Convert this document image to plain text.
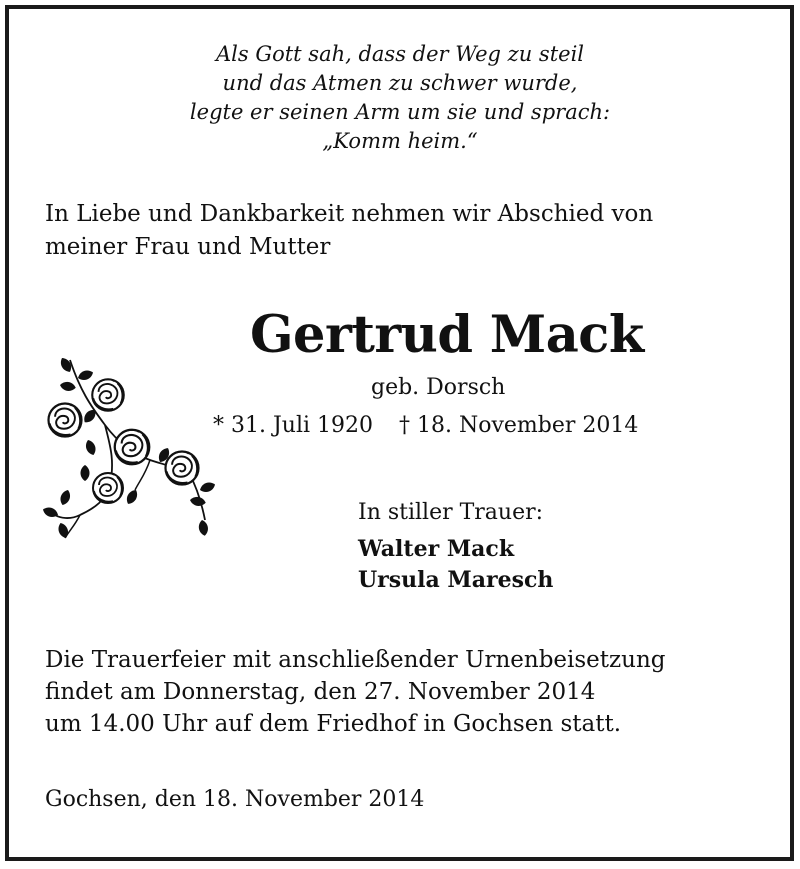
Als Gott sah, dass der Weg zu steil
und das Atmen zu schwer wurde,
legte er seinen Arm um sie und sprach:
„Komm heim.“
In Liebe und Dankbarkeit nehmen wir Abschied von
meiner Frau und Mutter
Gertrud Mack
geb. Dorsch
* 31. Juli 1920 † 18. November 2014
In stiller Trauer:
Walter Mack
Ursula Maresch
Die Trauerfeier mit anschließender Urnenbeisetzung
findet am Donnerstag, den 27. November 2014
um 14.00 Uhr auf dem Friedhof in Gochsen statt.
Gochsen, den 18. November 2014
